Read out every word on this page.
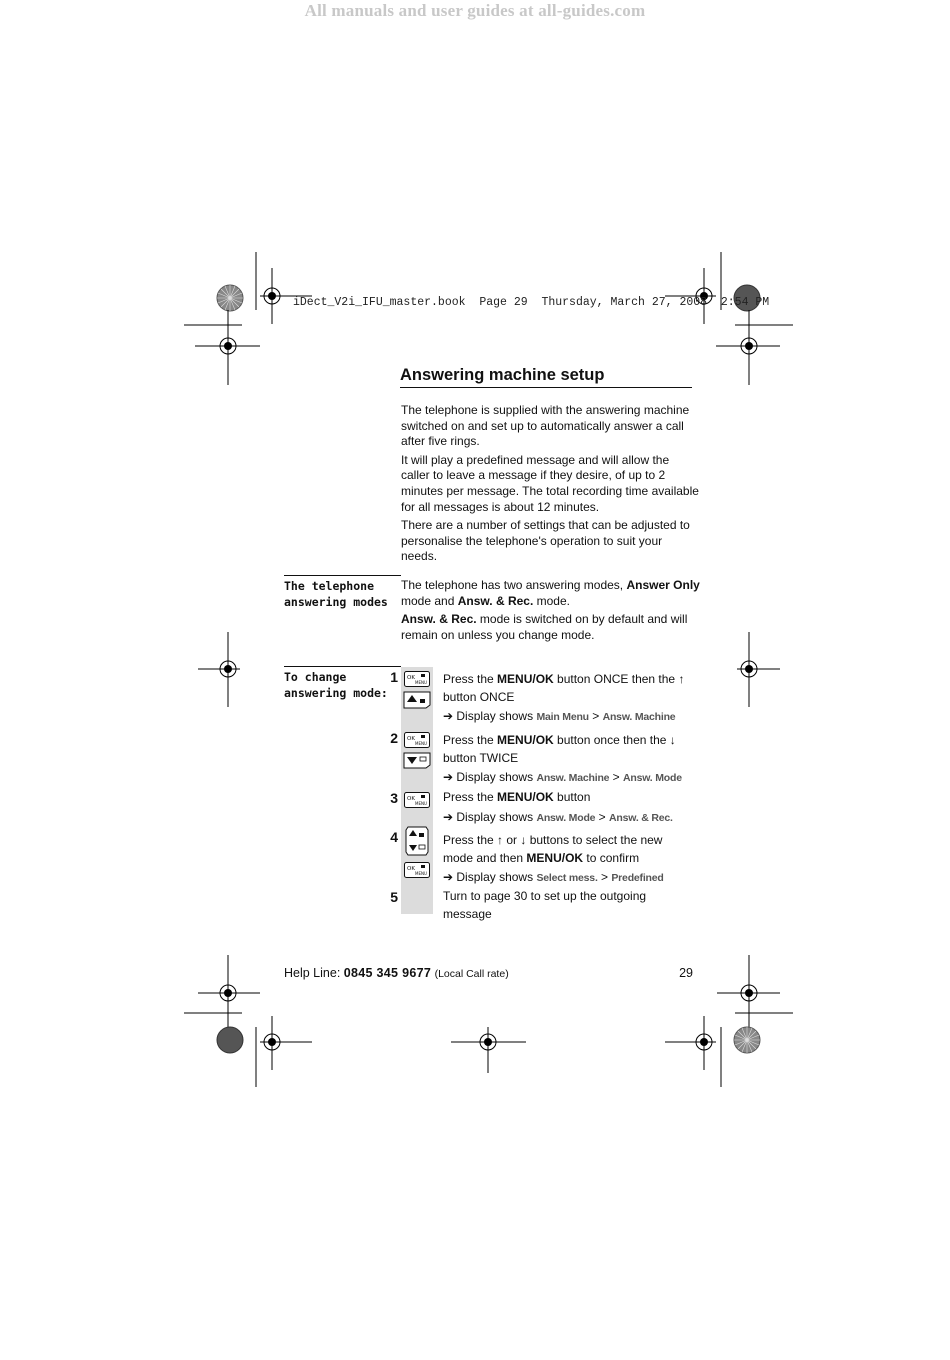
All manuals and user guides at all-guides.com
iDect_V2i_IFU_master.book  Page 29  Thursday, March 27, 2008  2:54 PM
Answering machine setup

The telephone is supplied with the answering machine switched on and set up to automatically answer a call after five rings.

It will play a predefined message and will allow the caller to leave a message if they desire, of up to 2 minutes per message. The total recording time available for all messages is about 12 minutes.

There are a number of settings that can be adjusted to personalise the telephone's operation to suit your needs.

The telephone answering modes

The telephone has two answering modes, Answer Only mode and Answ. & Rec. mode.

Answ. & Rec. mode is switched on by default and will remain on unless you change mode.

To change answering mode:
1
2
3
4
5
OK
MENU
OK
MENU
OK
MENU
OK
MENU
Press the MENU/OK button ONCE then the ↑
button ONCE
➔ Display shows Main Menu > Answ. Machine
Press the MENU/OK button once then the ↓
button TWICE
➔ Display shows Answ. Machine > Answ. Mode
Press the MENU/OK button
➔ Display shows Answ. Mode > Answ. & Rec.
Press the ↑ or ↓ buttons to select the new
mode and then MENU/OK to confirm
➔ Display shows Select mess. > Predefined
Turn to page 30 to set up the outgoing message
Help Line: 0845 345 9677 (Local Call rate)	29
